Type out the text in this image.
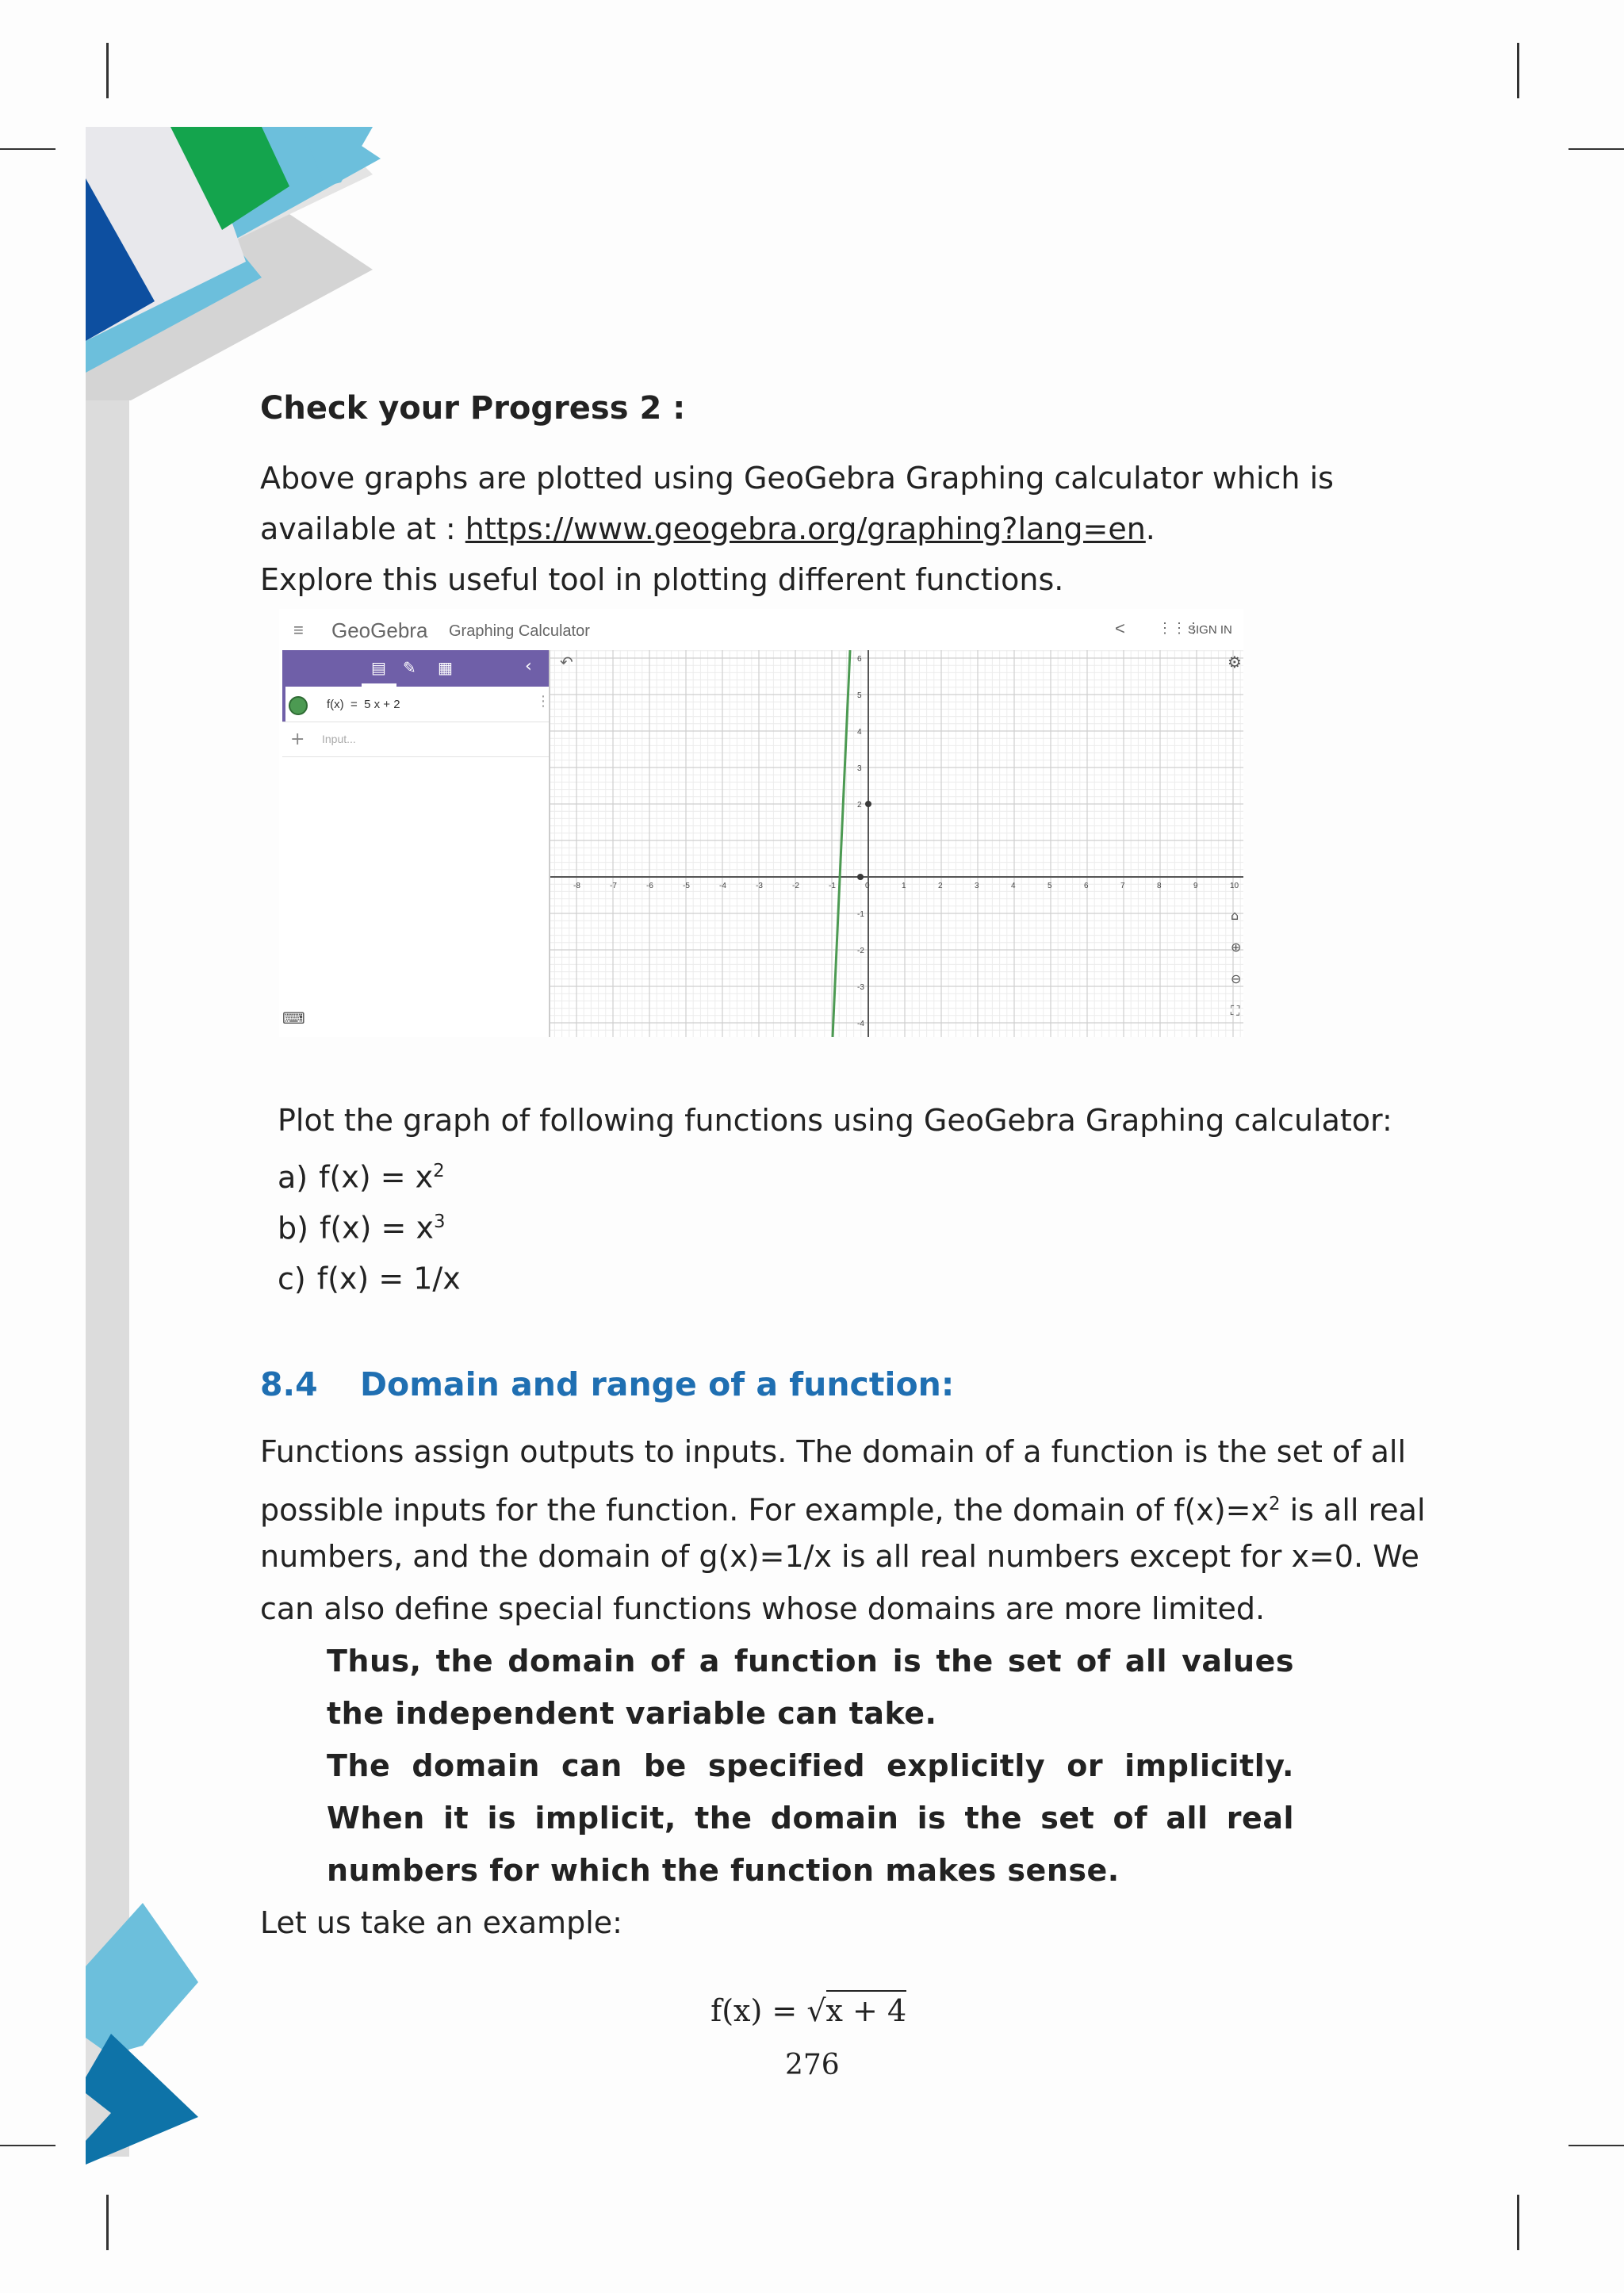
Check your Progress 2 :

Above graphs are plotted using GeoGebra Graphing calculator which is

available at : https://www.geogebra.org/graphing?lang=en.

Explore this useful tool in plotting different functions.

≡ GeoGebra Graphing Calculator	< ⋮⋮⋮
SIGN IN
▤ ✎ ▦	‹
f(x)  =  5 x + 2	⋮
+ Input...
⌨
-8	-7	-6	-5	-4	-3	-2	-1	0	1	2	3	4	5	6	7	8	9	10
6
5
4
3
2
-1
-2
-3
-4
↶	⚙
⌂
⊕
⊖
⛶

Plot the graph of following functions using GeoGebra Graphing calculator:

a) $f(x) = x^2$

b) $f(x) = x^3$

c) f(x) = 1/x

8.4 Domain and range of a function:

Functions assign outputs to inputs. The domain of a function is the set of all

possible inputs for the function. For example, the domain of $f(x)=x^2$ is all real

numbers, and the domain of g(x)=1/x is all real numbers except for x=0. We

can also define special functions whose domains are more limited.

Thus, the domain of a function is the set of all values the independent variable can take.

The domain can be specified explicitly or implicitly. When it is implicit, the domain is the set of all real numbers for which the function makes sense.

Let us take an example:

f(x) = √x + 4

276
